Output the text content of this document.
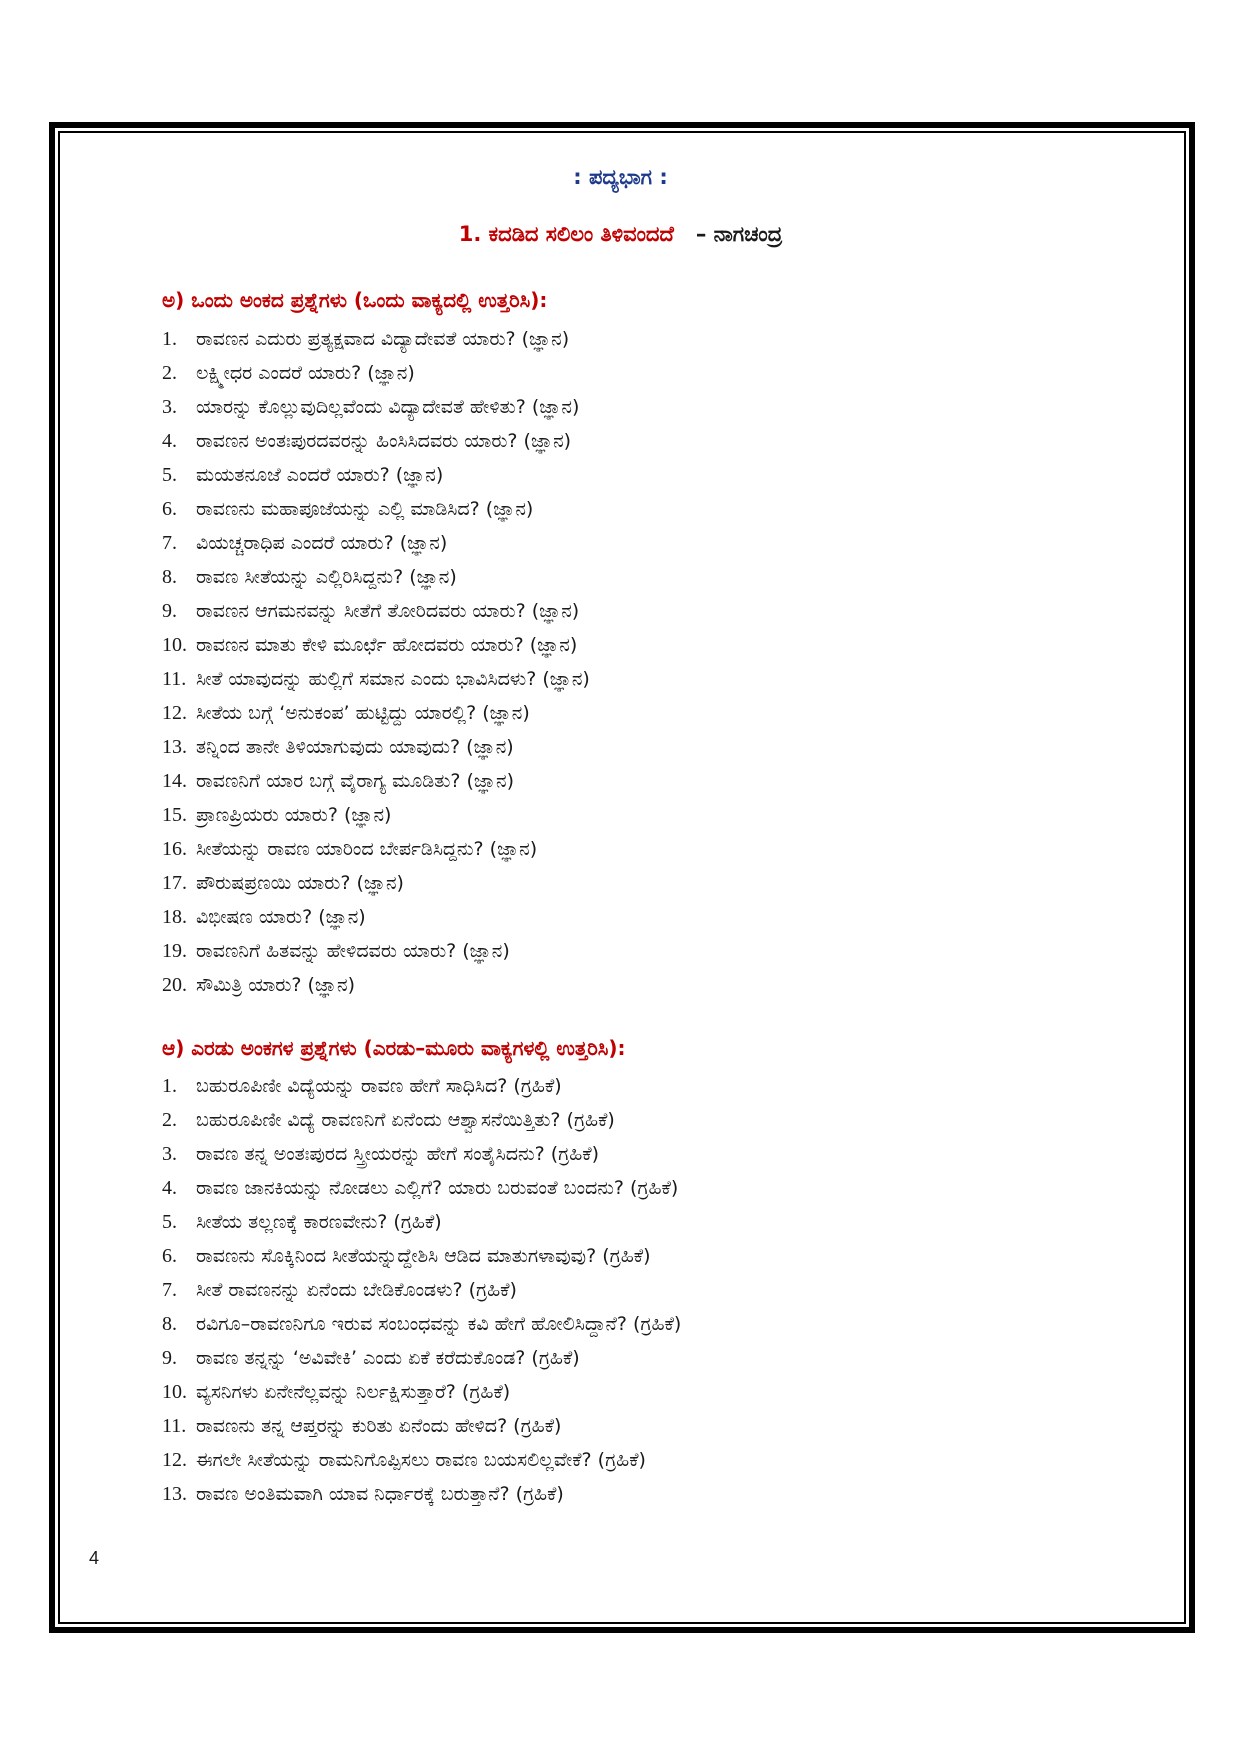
: ಪದ್ಯಭಾಗ :
1. ಕದಡಿದ ಸಲಿಲಂ ತಿಳಿವಂದದೆ – ನಾಗಚಂದ್ರ
ಅ) ಒಂದು ಅಂಕದ ಪ್ರಶ್ನೆಗಳು (ಒಂದು ವಾಕ್ಯದಲ್ಲಿ ಉತ್ತರಿಸಿ):
1. ರಾವಣನ ಎದುರು ಪ್ರತ್ಯಕ್ಷವಾದ ವಿದ್ಯಾದೇವತೆ ಯಾರು? (ಜ್ಞಾನ)
2. ಲಕ್ಷ್ಮೀಧರ ಎಂದರೆ ಯಾರು? (ಜ್ಞಾನ)
3. ಯಾರನ್ನು ಕೊಲ್ಲುವುದಿಲ್ಲವೆಂದು ವಿದ್ಯಾದೇವತೆ ಹೇಳಿತು? (ಜ್ಞಾನ)
4. ರಾವಣನ ಅಂತಃಪುರದವರನ್ನು ಹಿಂಸಿಸಿದವರು ಯಾರು? (ಜ್ಞಾನ)
5. ಮಯತನೂಜೆ ಎಂದರೆ ಯಾರು? (ಜ್ಞಾನ)
6. ರಾವಣನು ಮಹಾಪೂಜೆಯನ್ನು ಎಲ್ಲಿ ಮಾಡಿಸಿದ? (ಜ್ಞಾನ)
7. ವಿಯಚ್ಚರಾಧಿಪ ಎಂದರೆ ಯಾರು? (ಜ್ಞಾನ)
8. ರಾವಣ ಸೀತೆಯನ್ನು ಎಲ್ಲಿರಿಸಿದ್ದನು? (ಜ್ಞಾನ)
9. ರಾವಣನ ಆಗಮನವನ್ನು ಸೀತೆಗೆ ತೋರಿದವರು ಯಾರು? (ಜ್ಞಾನ)
10. ರಾವಣನ ಮಾತು ಕೇಳಿ ಮೂರ್ಛೆ ಹೋದವರು ಯಾರು? (ಜ್ಞಾನ)
11. ಸೀತೆ ಯಾವುದನ್ನು ಹುಲ್ಲಿಗೆ ಸಮಾನ ಎಂದು ಭಾವಿಸಿದಳು? (ಜ್ಞಾನ)
12. ಸೀತೆಯ ಬಗ್ಗೆ ‘ಅನುಕಂಪ’ ಹುಟ್ಟಿದ್ದು ಯಾರಲ್ಲಿ? (ಜ್ಞಾನ)
13. ತನ್ನಿಂದ ತಾನೇ ತಿಳಿಯಾಗುವುದು ಯಾವುದು? (ಜ್ಞಾನ)
14. ರಾವಣನಿಗೆ ಯಾರ ಬಗ್ಗೆ ವೈರಾಗ್ಯ ಮೂಡಿತು? (ಜ್ಞಾನ)
15. ಪ್ರಾಣಪ್ರಿಯರು ಯಾರು? (ಜ್ಞಾನ)
16. ಸೀತೆಯನ್ನು ರಾವಣ ಯಾರಿಂದ ಬೇರ್ಪಡಿಸಿದ್ದನು? (ಜ್ಞಾನ)
17. ಪೌರುಷಪ್ರಣಯಿ ಯಾರು? (ಜ್ಞಾನ)
18. ವಿಭೀಷಣ ಯಾರು? (ಜ್ಞಾನ)
19. ರಾವಣನಿಗೆ ಹಿತವನ್ನು ಹೇಳಿದವರು ಯಾರು? (ಜ್ಞಾನ)
20. ಸೌಮಿತ್ರಿ ಯಾರು? (ಜ್ಞಾನ)
ಆ) ಎರಡು ಅಂಕಗಳ ಪ್ರಶ್ನೆಗಳು (ಎರಡು–ಮೂರು ವಾಕ್ಯಗಳಲ್ಲಿ ಉತ್ತರಿಸಿ):
1. ಬಹುರೂಪಿಣೀ ವಿದ್ಯೆಯನ್ನು ರಾವಣ ಹೇಗೆ ಸಾಧಿಸಿದ? (ಗ್ರಹಿಕೆ)
2. ಬಹುರೂಪಿಣೀ ವಿದ್ಯೆ ರಾವಣನಿಗೆ ಏನೆಂದು ಆಶ್ವಾಸನೆಯಿತ್ತಿತು? (ಗ್ರಹಿಕೆ)
3. ರಾವಣ ತನ್ನ ಅಂತಃಪುರದ ಸ್ತ್ರೀಯರನ್ನು ಹೇಗೆ ಸಂತೈಸಿದನು? (ಗ್ರಹಿಕೆ)
4. ರಾವಣ ಜಾನಕಿಯನ್ನು ನೋಡಲು ಎಲ್ಲಿಗೆ? ಯಾರು ಬರುವಂತೆ ಬಂದನು? (ಗ್ರಹಿಕೆ)
5. ಸೀತೆಯ ತಲ್ಲಣಕ್ಕೆ ಕಾರಣವೇನು? (ಗ್ರಹಿಕೆ)
6. ರಾವಣನು ಸೊಕ್ಕಿನಿಂದ ಸೀತೆಯನ್ನುದ್ದೇಶಿಸಿ ಆಡಿದ ಮಾತುಗಳಾವುವು? (ಗ್ರಹಿಕೆ)
7. ಸೀತೆ ರಾವಣನನ್ನು ಏನೆಂದು ಬೇಡಿಕೊಂಡಳು? (ಗ್ರಹಿಕೆ)
8. ರವಿಗೂ–ರಾವಣನಿಗೂ ಇರುವ ಸಂಬಂಧವನ್ನು ಕವಿ ಹೇಗೆ ಹೋಲಿಸಿದ್ದಾನೆ? (ಗ್ರಹಿಕೆ)
9. ರಾವಣ ತನ್ನನ್ನು ‘ಅವಿವೇಕಿ’ ಎಂದು ಏಕೆ ಕರೆದುಕೊಂಡ? (ಗ್ರಹಿಕೆ)
10. ವ್ಯಸನಿಗಳು ಏನೇನೆಲ್ಲವನ್ನು ನಿರ್ಲಕ್ಷಿಸುತ್ತಾರೆ? (ಗ್ರಹಿಕೆ)
11. ರಾವಣನು ತನ್ನ ಆಪ್ತರನ್ನು ಕುರಿತು ಏನೆಂದು ಹೇಳಿದ? (ಗ್ರಹಿಕೆ)
12. ಈಗಲೇ ಸೀತೆಯನ್ನು ರಾಮನಿಗೊಪ್ಪಿಸಲು ರಾವಣ ಬಯಸಲಿಲ್ಲವೇಕೆ? (ಗ್ರಹಿಕೆ)
13. ರಾವಣ ಅಂತಿಮವಾಗಿ ಯಾವ ನಿರ್ಧಾರಕ್ಕೆ ಬರುತ್ತಾನೆ? (ಗ್ರಹಿಕೆ)
4
